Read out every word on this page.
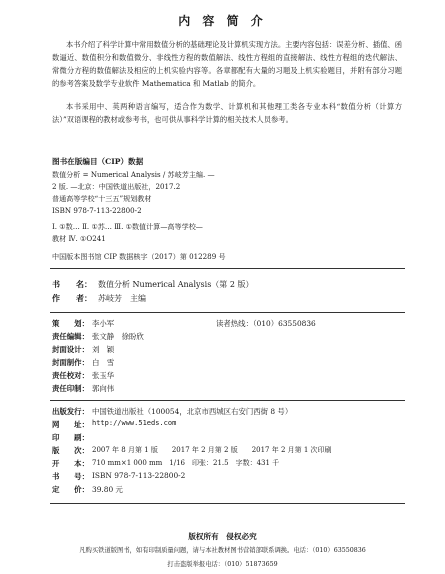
内 容 简 介
本书介绍了科学计算中常用数值分析的基础理论及计算机实现方法。主要内容包括：误差分析、插值、函数逼近、数值积分和数值微分、非线性方程的数值解法、线性方程组的直接解法、线性方程组的迭代解法、常微分方程的数值解法及相应的上机实验内容等。各章都配有大量的习题及上机实验题目，并附有部分习题的参考答案及数学专业软件 Mathematica 和 Matlab 的简介。
本书采用中、英两种语言编写，适合作为数学、计算机和其他理工类各专业本科“数值分析（计算方法）”双语课程的教材或参考书，也可供从事科学计算的相关技术人员参考。
图书在版编目（CIP）数据
数值分析 = Numerical Analysis / 苏岐芳主编. —
2 版. —北京：中国铁道出版社，2017.2
普通高等学校“十三五”规划教材
ISBN 978-7-113-22800-2
Ⅰ. ①数… Ⅱ. ①苏… Ⅲ. ①数值计算—高等学校—
教材 Ⅳ. ①O241
中国版本图书馆 CIP 数据核字（2017）第 012289 号
书　　名： 数值分析 Numerical Analysis（第 2 版）
作　　者： 苏岐芳　主编
策　　划： 李小军	读者热线：（010）63550836
责任编辑： 张文静　徐盼欣
封面设计： 刘　颖
封面制作： 白　雪
责任校对： 张玉华
责任印制： 郭向伟
出版发行： 中国铁道出版社（100054，北京市西城区右安门西街 8 号）
网　　址： http://www.51eds.com
印　　刷：
版　　次： 2007 年 8 月第 1 版　　2017 年 2 月第 2 版　　2017 年 2 月第 1 次印刷
开　　本： 710 mm×1 000 mm　1/16　印张：21.5　字数：431 千
书　　号： ISBN 978-7-113-22800-2
定　　价： 39.80 元
版权所有　侵权必究
凡购买铁道版图书，如有印制质量问题，请与本社教材图书营销部联系调换。电话：（010）63550836
打击盗版举报电话：（010）51873659
